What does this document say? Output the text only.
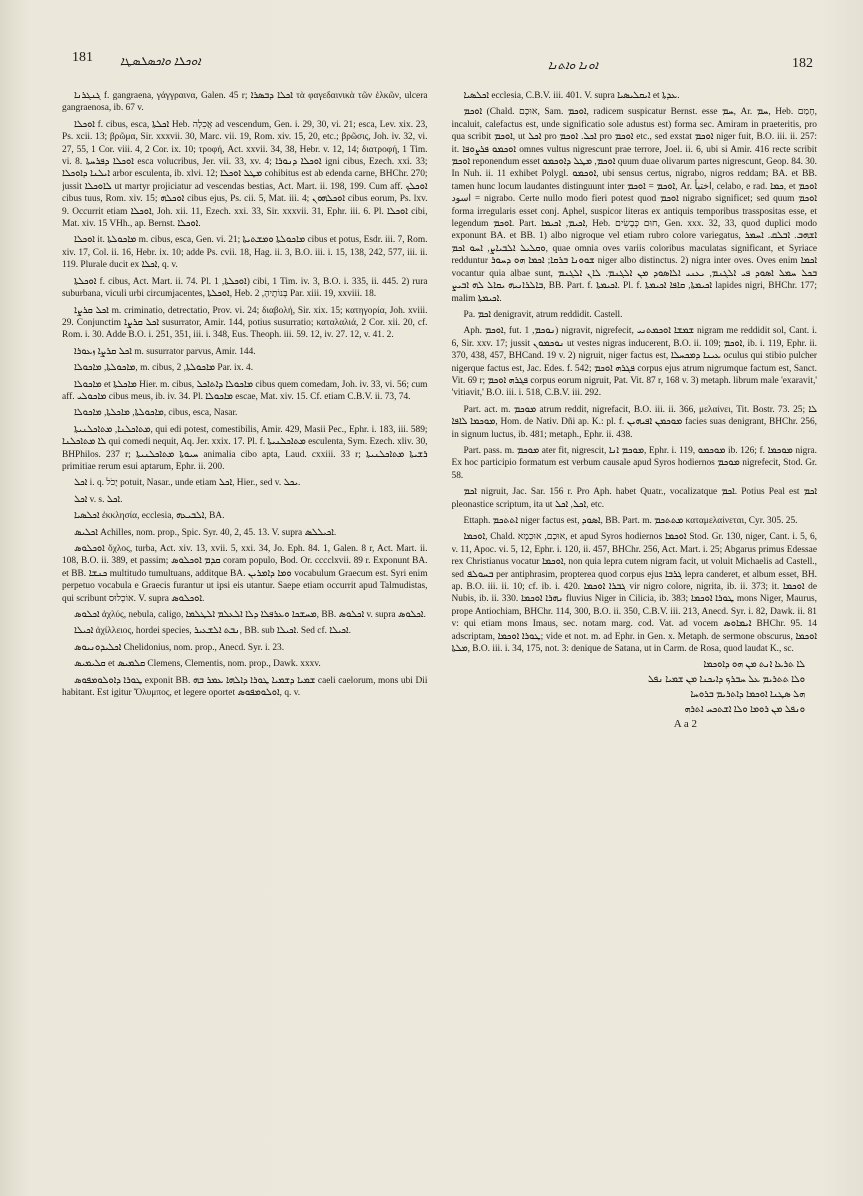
181 ܐܘܟܠܐ ܘܐܟܣܠܣܛܐ	ܐܘܢܐ ܘܐܬܢܐ	182

ܓܢܓܪܢܐ f. gangraena, γάγγραινα, Galen. 45 r; ܐܟܠܐ ܕܒܣܪܐ τὰ φαγεδαινικὰ τῶν ἑλκῶν, ulcera gangraenosa, ib. 67 v.

ܐܘܟܠܐ f. cibus, esca, ܐܟܠܬܐ Heb. אֲכִלָה ad vescendum, Gen. i. 29, 30, vi. 21; esca, Lev. xix. 23, Ps. xcii. 13; βρῶμα, Sir. xxxvii. 30, Marc. vii. 19, Rom. xiv. 15, 20, etc.; βρῶσις, Joh. iv. 32, vi. 27, 55, 1 Cor. viii. 4, 2 Cor. ix. 10; τροφή, Act. xxvii. 34, 38, Hebr. v. 12, 14; διατροφή, 1 Tim. vi. 8. ܐܘܟܠܐ ܕܦܪܚܬܐ esca volucribus, Jer. vii. 33, xv. 4; ܐܘܟܠܐ ܕܢܘܪܐ igni cibus, Ezech. xxi. 33; ܐܝܠܢܐ ܕܐܘܟܠܐ arbor esculenta, ib. xlvi. 12; ܡܛܠ ܐܘܟܠܐ cohibitus est ab edenda carne, BHChr. 270; jussit ܠܐܘܟܠܐ ut martyr projiciatur ad vescendas bestias, Act. Mart. ii. 198, 199. Cum aff. ܐܘܟܠܟ cibus tuus, Rom. xiv. 15; ܐܘܟܠܗ cibus ejus, Ps. cii. 5, Mat. iii. 4; ܐܘܟܠܗܘܢ cibus eorum, Ps. lxv. 9. Occurrit etiam ܐܘܟܠܐ, Joh. xii. 11, Ezech. xxi. 33, Sir. xxxvii. 31, Ephr. iii. 6. Pl. ܐܘܟܠܐ cibi, Mat. xiv. 15 VHh., ap. Bernst. ܐܘܟܠܐ.

ܐܘܟܠܐ it. ܡܐܟܘܠܬܐ m. cibus, esca, Gen. vi. 21; ܡܐܟܘܠܬܐ ܘܡܫܬܝܬܐ cibus et potus, Esdr. iii. 7, Rom. xiv. 17, Col. ii. 16, Hebr. ix. 10; adde Ps. cvii. 18, Hag. ii. 3, B.O. iii. i. 15, 138, 242, 577, iii. ii. 119. Plurale ducit ex ܐܟܠܐ, q. v.

ܐܘܟܠܬܐ f. cibus, Act. Mart. ii. 74. Pl. ܐܘܟܠܬܐ, 1) cibi, 1 Tim. iv. 3, B.O. i. 335, ii. 445. 2) rura suburbana, viculi urbi circumjacentes, ܐܘܟܠܬܐ, Heb. בְּנוֹתֶיהָ, 2 Par. xiii. 19, xxviii. 18.

ܐܟܠ ܩܪܨܐ m. criminatio, detrectatio, Prov. vi. 24; διαβολή, Sir. xix. 15; κατηγορία, Joh. xviii. 29. Conjunctim ܐܟܠ ܩܪܨܐ susurrator, Amir. 144, potius susurratio; καταλαλιά, 2 Cor. xii. 20, cf. Rom. i. 30. Adde B.O. i. 251, 351, iii. i. 348, Eus. Theoph. iii. 59. 12, iv. 27. 12, v. 41. 2.

ܐܟܠ ܩܪܨܐ ܙܥܘܪܐ m. susurrator parvus, Amir. 144.

ܡܐܟܘܠܬܐ, ܡܐܟܘܠܐ, m. cibus, ܡܐܟܘܠܬܐ, 2 Par. ix. 4.

ܡܐܟܘܠܐ et ܡܐܟܠܬܐ Hier. m. cibus, ܡܐܟܘܠܐ ܕܐܬܐܟܠ cibus quem comedam, Joh. iv. 33, vi. 56; cum aff. ܡܐܟܘܠܝ cibus meus, ib. iv. 34. Pl. ܡܐܟܘܠܐ escae, Mat. xiv. 15. Cf. etiam C.B.V. ii. 73, 74.

ܡܐܟܘܠܬܐ, ܡܐܟܠܬܐ, ܡܐܟܘܠܐ, cibus, esca, Nasar.

ܡܬܐܟܠܢܐ, ܡܬܐܟܠܢܝܬܐ, qui edi potest, comestibilis, Amir. 429, Masii Pec., Ephr. i. 183, iii. 589; ܠܐ ܡܬܐܟܠܢܐ qui comedi nequit, Aq. Jer. xxix. 17. Pl. f. ܡܬܐܟܠܢܝܬܐ esculenta, Sym. Ezech. xliv. 30, BHPhilos. 237 r; ܚܝܘܬܐ ܡܬܐܟܠܢܝܬܐ animalia cibo apta, Laud. cxxiii. 33 r; ܪܫܝܬܐ ܡܬܐܟܠܢܝܬܐ primitiae rerum esui aptarum, Ephr. ii. 200.

ܐܟܠ i. q. יָכֹל potuit, Nasar., unde etiam ܐܟܠ, Hier., sed v. ܝܟܠ.

ܐܟܠ v. s. ܐܟܠ.

ܐܟܠܣܝܐ ἐκκλησία, ecclesia, ܐܠܒܝܥܗ, BA.

ܐܟܠܝܣ Achilles, nom. prop., Spic. Syr. 40, 2, 45. 13. V. supra ܐܟܝܠܠܣ.

ܐܘܟܠܘܣ ὄχλος, turba, Act. xiv. 13, xvii. 5, xxi. 34, Jo. Eph. 84. 1, Galen. 8 r, Act. Mart. ii. 108, B.O. ii. 389, et passim; ܩܕܡ ܐܘܟܠܘܣ coram populo, Bod. Or. cccclxvii. 89 r. Exponunt BA. et BB. ܟܢܫܐ multitudo tumultuans, additque BA. ܘܡܐ ܕܐܡܪܝܢ vocabulum Graecum est. Syri enim perpetuo vocabula e Graecis furantur ut ipsi eis utantur. Saepe etiam occurrit apud Talmudistas, qui scribunt אוֹכְלוּס. V. supra ܐܘܟܠܘܣ.

ܐܟܠܘܣ ἀχλύς, nebula, caligo, ܡܚܫܟܐ ܘܥܪܦܠܐ ܕܠܐ ܐܠܥܠܡ ܐܠܛܠܡܐ, BB. ܐܟܠܘܣ v. supra ܐܟܠܘܣ.

ܐܟܝܠܐ ἀχίλλειος, hordei species, ܢܒܬ ܐܠܫܥܝܪ, BB. sub ܐܟܝܠܐ. Sed cf. ܐܟܝܠܐ.

ܐܟܠܝܕܘܢܝܘܣ Chelidonius, nom. prop., Anecd. Syr. i. 23.

ܩܠܝܡܝܣ et ܩܠܡܝܣ Clemens, Clementis, nom. prop., Dawk. xxxv.

ܛܘܪܐ ܕܐܘܠܘܡܦܘܣ exponit BB. ܫܡܝܐ ܕܫܡܝܐ ܛܘܪܐ ܕܐܠܗܐ ܥܡܪ ܒܗ caeli caelorum, mons ubi Dii habitant. Est igitur Ὄλυμπος, et legere oportet ܐܘܠܘܡܦܘܣ, q. v.

ܐܟܠܣܝܐ ecclesia, C.B.V. iii. 401. V. supra ܐܝܩܠܝܣܝܐ et ܥܕܬܐ.

ܐܘܟܡ (Chald. אוּכָם, Sam. ܐܘܟܡ, radicem suspicatur Bernst. esse ܚܡ, Ar. ܚܡ, Heb. חָמַם, incaluit, calefactus est, unde significatio sole adustus est) forma sec. Amiram in praeteritis, pro qua scribit ܐܘܟܡ, ut ܐܟܠ pro ܐܟܠ. ܐܘܟܡ pro ܐܘܟܡ etc., sed exstat ܐܘܟܡ niger fuit, B.O. iii. ii. 257: it. ܐܘܟܡܘ ܦܪܨܘܦܐ omnes vultus nigrescunt prae terrore, Joel. ii. 6, ubi si Amir. 416 recte scribit ܐܘܟܡ reponendum esset ܐܘܟܡ, ܡܛܠ ܕܐܘܟܡܘ quum duae olivarum partes nigrescunt, Geop. 84. 30. In Nuh. ii. 11 exhibet Polygl. ܐܘܟܡܘ, ubi sensus certus, nigrabo, nigros reddam; BA. et BB. tamen hunc locum laudantes distinguunt inter ܐܘܟܡ = ܐܘܟܡ, Ar. اختبأ, celabo, e rad. ܟܡܐ, et ܐܘܟܡ = اسود nigrabo. Certe nullo modo fieri potest quod ܐܘܟܡ nigrabo significet; sed quum ܐܘܟܡ forma irregularis esset conj. Aphel, suspicor literas ex antiquis temporibus trasspositas esse, et legendum ܐܘܟܡ. Part. ܐܟܝܡ, ܐܟܝܡܐ, Heb. חוּם כְּבָשִׂים, Gen. xxx. 32, 33, quod duplici modo exponunt BA. et BB. 1) albo nigroque vel etiam rubro colore variegatus, ܐܫܗܒ. ܐܒܠܩ. ܐܚܡܪ ܘܩܠܝܠ ܐܠܒܝܐܨ, ܐܚܘ ܐܟܡ, quae omnia oves variis coloribus maculatas significant, et Syriace redduntur ܫܘܘܢܐ ܒܪܩܐ; ܐܟܡܐ ܗܘ ܕܚܘܪ niger albo distinctus. 2) nigra inter oves. Oves enim ܐܟܡܐ vocantur quia albae sunt, ܒܟܠ ܚܡܠ ܐܣܘܕ ܦܝ ܐܠܓܢܡ, ܝܥܢܝ ܐܠܐܣܘܕ ܡܢ ܐܠܓܢܡ. ܠܐܢ ܐܠܓܢܡ ܒܐܠܪܐܢܝܗ ܝܩܐܠ ܠܗ ܐܒܝܨ, BB. Part. f. ܐܟܝܡܬܐ. Pl. f. ܐܟܝܡܬܐ, ܩܐܦܐ ܐܟܝܡܬܐ lapides nigri, BHChr. 177; malim ܐܟܝܡܬܐ.

Pa. ܐܟܡ denigravit, atrum reddidit. Castell.

Aph. ܐܘܟܡ, fut. ܢܘܟܡ, 1) nigravit, nigrefecit, ܫܡܫܐ ܐܘܟܡܬܢܝ nigram me reddidit sol, Cant. i. 6, Sir. xxv. 17; jussit ܢܘܟܡܘܢ ut vestes nigras inducerent, B.O. ii. 109; ܐܘܟܡ, ib. i. 119, Ephr. ii. 370, 438, 457, BHCand. 19 v. 2) nigruit, niger factus est, ܥܝܢܐ ܕܡܟܚܠܐ oculus qui stibio pulcher nigerque factus est, Jac. Edes. f. 542; ܦܓܪܗ ܐܘܟܡ corpus ejus atrum nigrumque factum est, Sanct. Vit. 69 r; ܦܓܪܗ ܐܘܟܡ corpus eorum nigruit, Pat. Vit. 87 r, 168 v. 3) metaph. librum male 'exaravit,' 'vitiavit,' B.O. iii. i. 518, C.B.V. iii. 292.

Part. act. m. ܡܘܟܡ atrum reddit, nigrefacit, B.O. iii. ii. 366, μελαίνει, Tit. Bostr. 73. 25; ܠܐ ܡܘܟܡܐ ܠܐܦܐ, Hom. de Nativ. Dñi ap. K.: pl. f. ܡܘܟܡܢ ܐܦܝܗܝܢ facies suas denigrant, BHChr. 256, in signum luctus, ib. 481; metaph., Ephr. ii. 438.

Part. pass. m. ܡܘܟܡ ater fit, nigrescit, ܡܘܟܡ ܐܢܐ, Ephr. i. 119, ܡܘܟܡܘ ib. 126; f. ܡܘܟܡܐ nigra. Ex hoc participio formatum est verbum causale apud Syros hodiernos ܡܘܟܡ nigrefecit, Stod. Gr. 58.

ܐܟܡ nigruit, Jac. Sar. 156 r. Pro Aph. habet Quatr., vocalizatque ܐܟܡ. Potius Peal est ܐܟܡ pleonastice scriptum, ita ut ܐܟܠ, ܐܟܠ, etc.

Ettaph. ܐܬܬܟܡ niger factus est, ܐܣܘܕ, BB. Part. m. ܡܬܬܟܡ καταμελαίνεται, Cyr. 305. 25.

ܐܘܟܡܐ, Chald. אוּכָם, אוּכְמָא, et apud Syros hodiernos ܐܘܟܡܐ Stod. Gr. 130, niger, Cant. i. 5, 6, v. 11, Apoc. vi. 5, 12, Ephr. i. 120, ii. 457, BHChr. 256, Act. Mart. i. 25; Abgarus primus Edessae rex Christianus vocatur ܐܘܟܡܐ, non quia lepra cutem nigram facit, ut voluit Michaelis ad Castell., sed ܒܚܘܠܦ per antiphrasim, propterea quod corpus ejus ܓܪܒܐ lepra canderet, et album esset, BH. ap. B.O. iii. ii. 10; cf. ib. i. 420. ܓܒܪܐ ܐܘܟܡܐ vir nigro colore, nigrita, ib. ii. 373; it. ܐܘܟܡܐ de Nubis, ib. ii. 330. ܢܗܪܐ ܐܘܟܡܐ fluvius Niger in Cilicia, ib. 383; ܛܘܪܐ ܐܘܟܡܐ mons Niger, Maurus, prope Antiochiam, BHChr. 114, 300, B.O. ii. 350, C.B.V. iii. 213, Anecd. Syr. i. 82, Dawk. ii. 81 v: qui etiam mons Imaus, sec. notam marg. cod. Vat. ad vocem ܐܝܡܐܘܣ BHChr. 95. 14 adscriptam, ܛܘܪܐ ܐܘܟܡܐ; vide et not. m. ad Ephr. in Gen. x. Metaph. de sermone obscurus, ܐܘܟܡܐ ܡܠܬܐ, B.O. iii. i. 34, 175, not. 3: denique de Satana, ut in Carm. de Rosa, quod laudat K., sc.

ܠܐ ܬܪܥܐ ܐܢܬ ܡܢ ܗܘ ܕܐܘܟܡܐ
ܘܠܐ ܬܬܪܝܡ ܥܠ ܚܒܪܟ ܕܐܝܟܢܐ ܡܢ ܫܡܝܐ ܢܦܠ
ܗܠ ܣܛܢܐ ܐܘܟܡܐ ܕܐܬܪܝܡ ܒܪܘܚܐ
ܘܢܦܠ ܡܢ ܪܘܡܐ ܘܠܐ ܐܫܬܟܚ ܐܬܪܗ
A a 2
